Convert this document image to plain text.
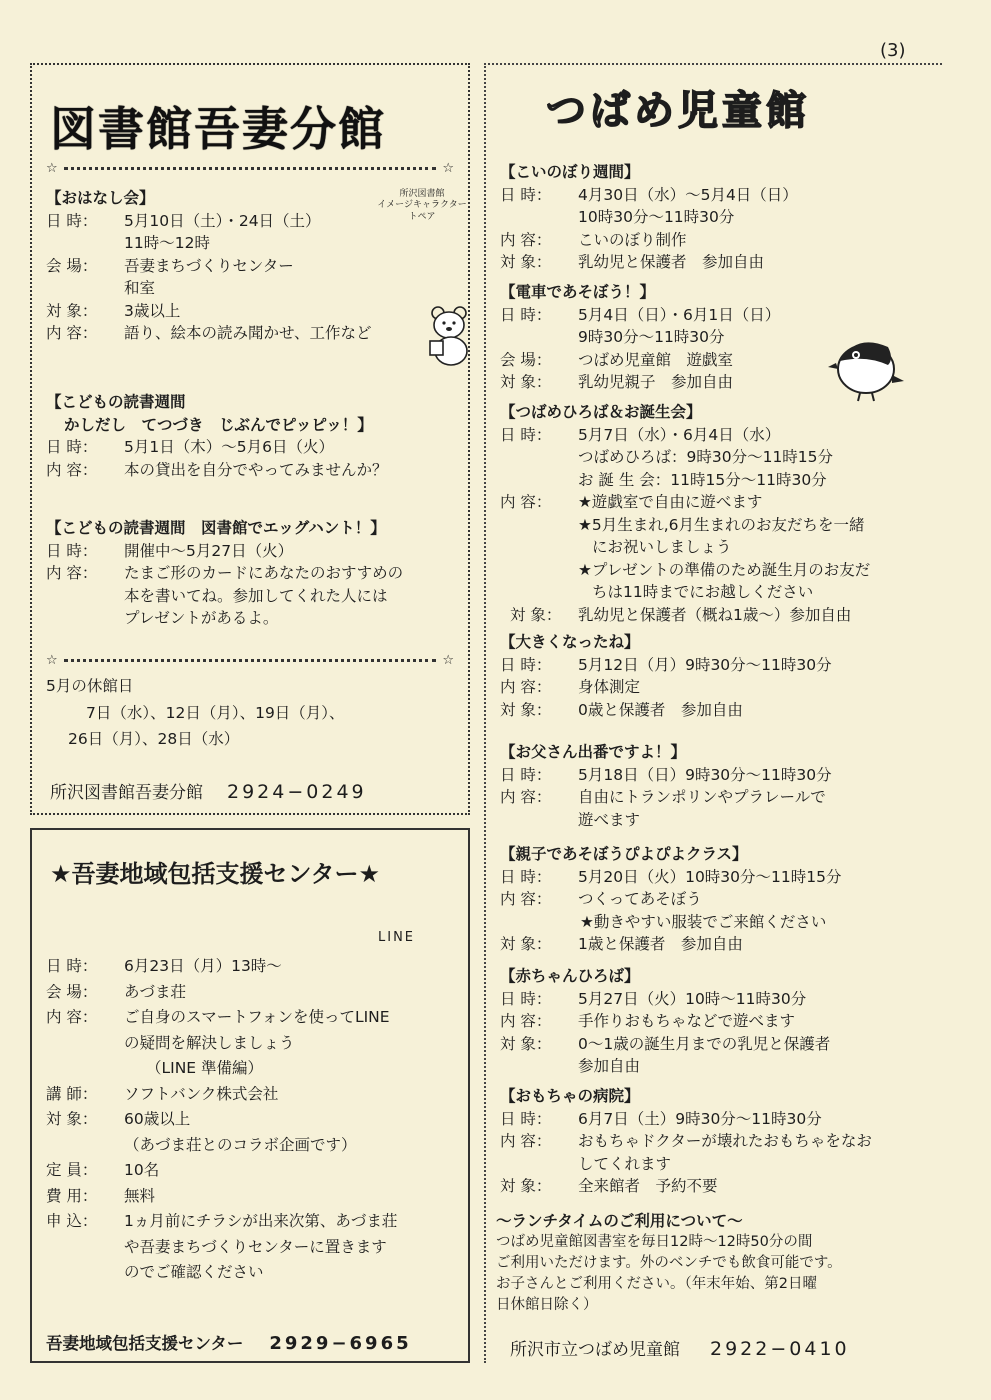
(3)
図書館吾妻分館
☆	☆
所沢図書館
イメージキャラクター
トペア
【おはなし会】
日 時：	5月10日（土）・24日（土）
11時～12時
会 場：	吾妻まちづくりセンター
和室
対 象：	3歳以上
内 容：	語り、絵本の読み聞かせ、工作など
【こどもの読書週間
かしだし　てつづき　じぶんでピッピッ！】
日 時：	5月1日（木）～5月6日（火）
内 容：	本の貸出を自分でやってみませんか？
【こどもの読書週間　図書館でエッグハント！】
日 時：	開催中～5月27日（火）
内 容：	たまご形のカードにあなたのおすすめの
本を書いてね。参加してくれた人には
プレゼントがあるよ。
☆	☆
5月の休館日
7日（水）、12日（月）、19日（月）、
26日（月）、28日（水）
所沢図書館吾妻分館 2924−0249
★吾妻地域包括支援センター★
LINE
日 時：	6月23日（月）13時～
会 場：	あづま荘
内 容：	ご自身のスマートフォンを使ってLINE
の疑問を解決しましょう
（LINE 準備編）
講 師：	ソフトバンク株式会社
対 象：	60歳以上
（あづま荘とのコラボ企画です）
定 員：	10名
費 用：	無料
申 込：	1ヵ月前にチラシが出来次第、あづま荘
や吾妻まちづくりセンターに置きます
のでご確認ください
吾妻地域包括支援センター 2929−6965
つばめ児童館
【こいのぼり週間】
日 時：	4月30日（水）～5月4日（日）
10時30分～11時30分
内 容：	こいのぼり制作
対 象：	乳幼児と保護者　参加自由
【電車であそぼう！】
日 時：	5月4日（日）・6月1日（日）
9時30分～11時30分
会 場：	つばめ児童館　遊戯室
対 象：	乳幼児親子　参加自由
【つばめひろば＆お誕生会】
日 時：	5月7日（水）・6月4日（水）
つばめひろば：9時30分～11時15分
お 誕 生 会：11時15分～11時30分
内 容：	★遊戯室で自由に遊べます
★5月生まれ,6月生まれのお友だちを一緒
にお祝いしましょう
★プレゼントの準備のため誕生月のお友だ
ちは11時までにお越しください
対 象：	乳幼児と保護者（概ね1歳～）参加自由
【大きくなったね】
日 時：	5月12日（月）9時30分～11時30分
内 容：	身体測定
対 象：	0歳と保護者　参加自由
【お父さん出番ですよ！】
日 時：	5月18日（日）9時30分～11時30分
内 容：	自由にトランポリンやプラレールで
遊べます
【親子であそぼうぴよぴよクラス】
日 時：	5月20日（火）10時30分～11時15分
内 容：	つくってあそぼう
★動きやすい服装でご来館ください
対 象：	1歳と保護者　参加自由
【赤ちゃんひろば】
日 時：	5月27日（火）10時～11時30分
内 容：	手作りおもちゃなどで遊べます
対 象：	0～1歳の誕生月までの乳児と保護者
参加自由
【おもちゃの病院】
日 時：	6月7日（土）9時30分～11時30分
内 容：	おもちゃドクターが壊れたおもちゃをなお
してくれます
対 象：	全来館者　予約不要
～ランチタイムのご利用について～
つばめ児童館図書室を毎日12時～12時50分の間
ご利用いただけます。外のベンチでも飲食可能です。
お子さんとご利用ください。（年末年始、第2日曜
日休館日除く）
所沢市立つばめ児童館 2922−0410
